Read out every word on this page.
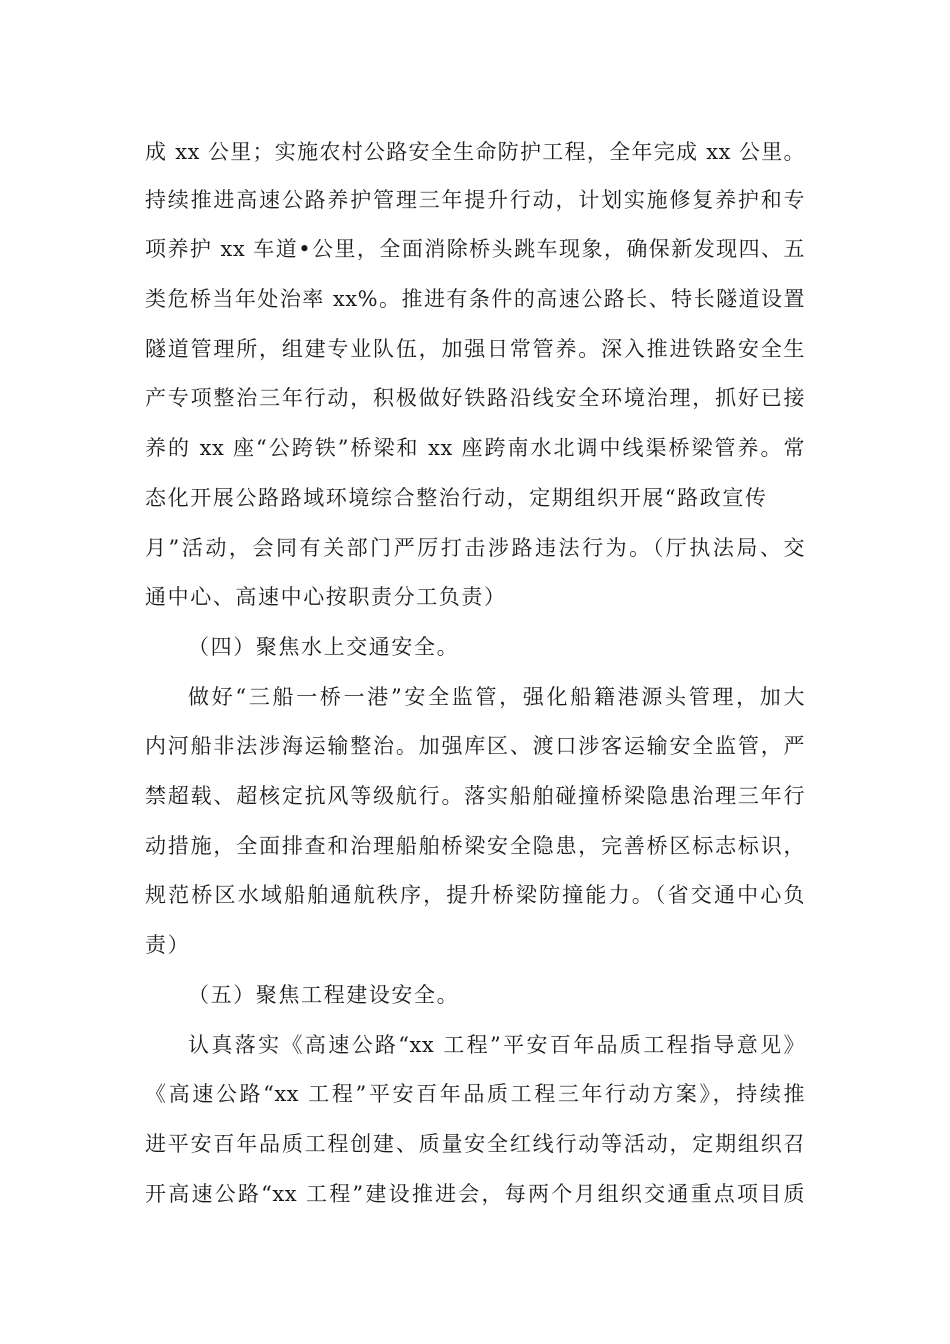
成 xx 公里；实施农村公路安全生命防护工程，全年完成 xx 公里。
持续推进高速公路养护管理三年提升行动，计划实施修复养护和专
项养护 xx 车道•公里，全面消除桥头跳车现象，确保新发现四、五
类危桥当年处治率 xx%。推进有条件的高速公路长、特长隧道设置
隧道管理所，组建专业队伍，加强日常管养。深入推进铁路安全生
产专项整治三年行动，积极做好铁路沿线安全环境治理，抓好已接
养的 xx 座“公跨铁”桥梁和 xx 座跨南水北调中线渠桥梁管养。常
态化开展公路路域环境综合整治行动，定期组织开展“路政宣传
月”活动，会同有关部门严厉打击涉路违法行为。（厅执法局、交
通中心、高速中心按职责分工负责）
（四）聚焦水上交通安全。
做好“三船一桥一港”安全监管，强化船籍港源头管理，加大
内河船非法涉海运输整治。加强库区、渡口涉客运输安全监管，严
禁超载、超核定抗风等级航行。落实船舶碰撞桥梁隐患治理三年行
动措施，全面排查和治理船舶桥梁安全隐患，完善桥区标志标识，
规范桥区水域船舶通航秩序，提升桥梁防撞能力。（省交通中心负
责）
（五）聚焦工程建设安全。
认真落实《高速公路“xx 工程”平安百年品质工程指导意见》
《高速公路“xx 工程”平安百年品质工程三年行动方案》，持续推
进平安百年品质工程创建、质量安全红线行动等活动，定期组织召
开高速公路“xx 工程”建设推进会，每两个月组织交通重点项目质
